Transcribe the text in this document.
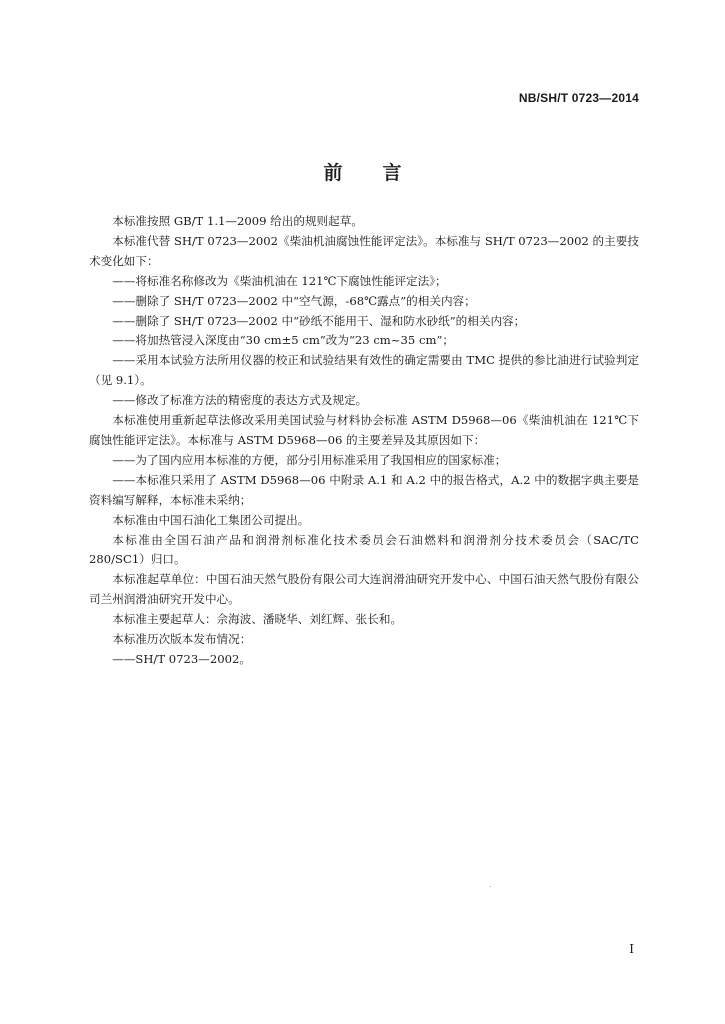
NB/SH/T 0723—2014
前言

本标准按照 GB/T 1.1—2009 给出的规则起草。

本标准代替 SH/T 0723—2002《柴油机油腐蚀性能评定法》。本标准与 SH/T 0723—2002 的主要技术变化如下：

——将标准名称修改为《柴油机油在 121℃下腐蚀性能评定法》；

——删除了 SH/T 0723—2002 中“空气源，-68℃露点”的相关内容；

——删除了 SH/T 0723—2002 中“砂纸不能用干、湿和防水砂纸”的相关内容；

——将加热管浸入深度由“30 cm±5 cm”改为“23 cm~35 cm”；

——采用本试验方法所用仪器的校正和试验结果有效性的确定需要由 TMC 提供的参比油进行试验判定（见 9.1）。

——修改了标准方法的精密度的表达方式及规定。

本标准使用重新起草法修改采用美国试验与材料协会标准 ASTM D5968—06《柴油机油在 121℃下腐蚀性能评定法》。本标准与 ASTM D5968—06 的主要差异及其原因如下：

——为了国内应用本标准的方便，部分引用标准采用了我国相应的国家标准；

——本标准只采用了 ASTM D5968—06 中附录 A.1 和 A.2 中的报告格式，A.2 中的数据字典主要是资料编写解释，本标准未采纳；

本标准由中国石油化工集团公司提出。

本标准由全国石油产品和润滑剂标准化技术委员会石油燃料和润滑剂分技术委员会（SAC/TC 280/SC1）归口。

本标准起草单位：中国石油天然气股份有限公司大连润滑油研究开发中心、中国石油天然气股份有限公司兰州润滑油研究开发中心。

本标准主要起草人：佘海波、潘晓华、刘红辉、张长和。

本标准历次版本发布情况：

——SH/T 0723—2002。

I
